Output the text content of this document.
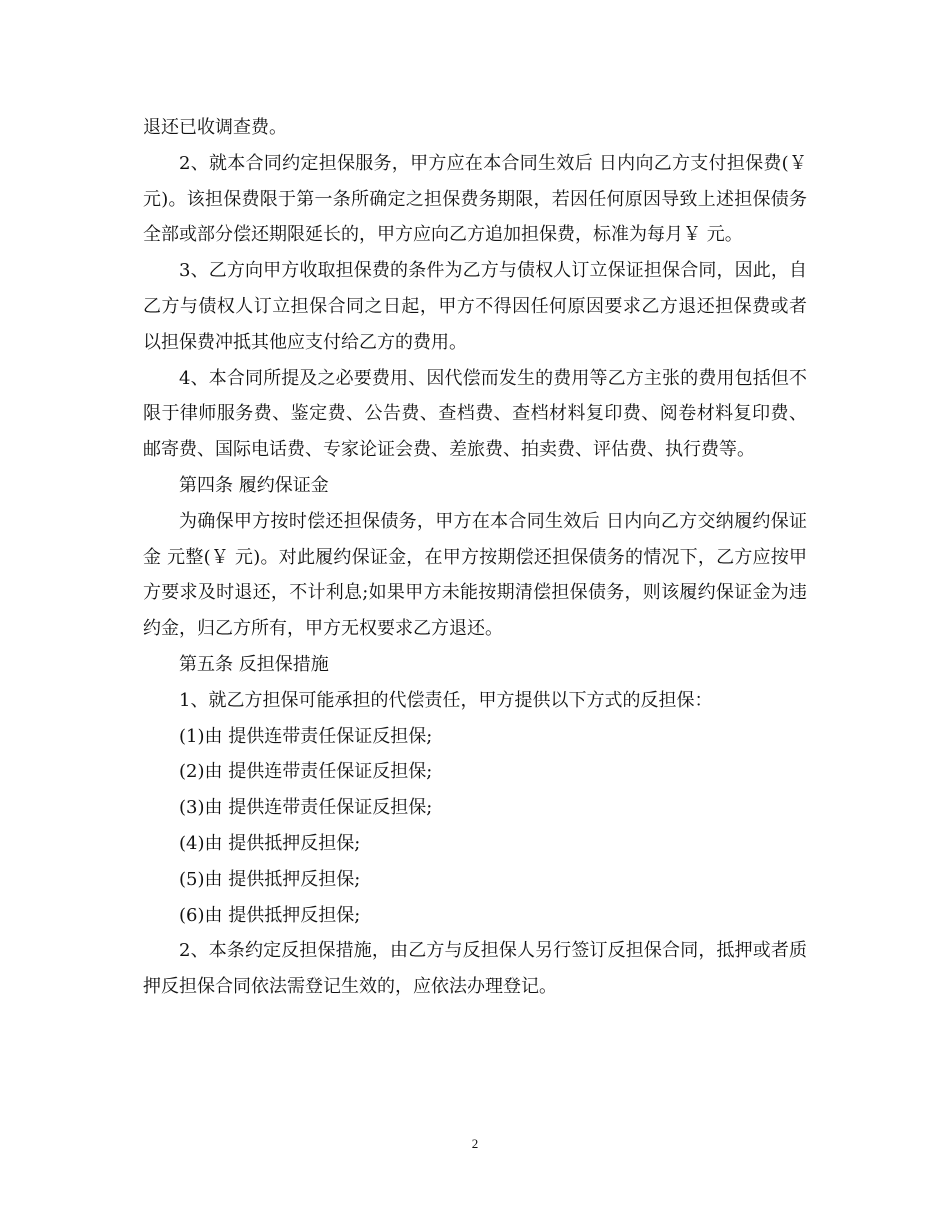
退还已收调查费。

2、就本合同约定担保服务，甲方应在本合同生效后 日内向乙方支付担保费(￥ 元)。该担保费限于第一条所确定之担保费务期限，若因任何原因导致上述担保债务全部或部分偿还期限延长的，甲方应向乙方追加担保费，标准为每月￥ 元。

3、乙方向甲方收取担保费的条件为乙方与债权人订立保证担保合同，因此，自乙方与债权人订立担保合同之日起，甲方不得因任何原因要求乙方退还担保费或者以担保费冲抵其他应支付给乙方的费用。

4、本合同所提及之必要费用、因代偿而发生的费用等乙方主张的费用包括但不限于律师服务费、鉴定费、公告费、查档费、查档材料复印费、阅卷材料复印费、邮寄费、国际电话费、专家论证会费、差旅费、拍卖费、评估费、执行费等。

第四条 履约保证金

为确保甲方按时偿还担保债务，甲方在本合同生效后 日内向乙方交纳履约保证金 元整(￥ 元)。对此履约保证金，在甲方按期偿还担保债务的情况下，乙方应按甲方要求及时退还，不计利息;如果甲方未能按期清偿担保债务，则该履约保证金为违约金，归乙方所有，甲方无权要求乙方退还。

第五条 反担保措施

1、就乙方担保可能承担的代偿责任，甲方提供以下方式的反担保：

(1)由 提供连带责任保证反担保;

(2)由 提供连带责任保证反担保;

(3)由 提供连带责任保证反担保;

(4)由 提供抵押反担保;

(5)由 提供抵押反担保;

(6)由 提供抵押反担保;

2、本条约定反担保措施，由乙方与反担保人另行签订反担保合同，抵押或者质押反担保合同依法需登记生效的，应依法办理登记。

2
